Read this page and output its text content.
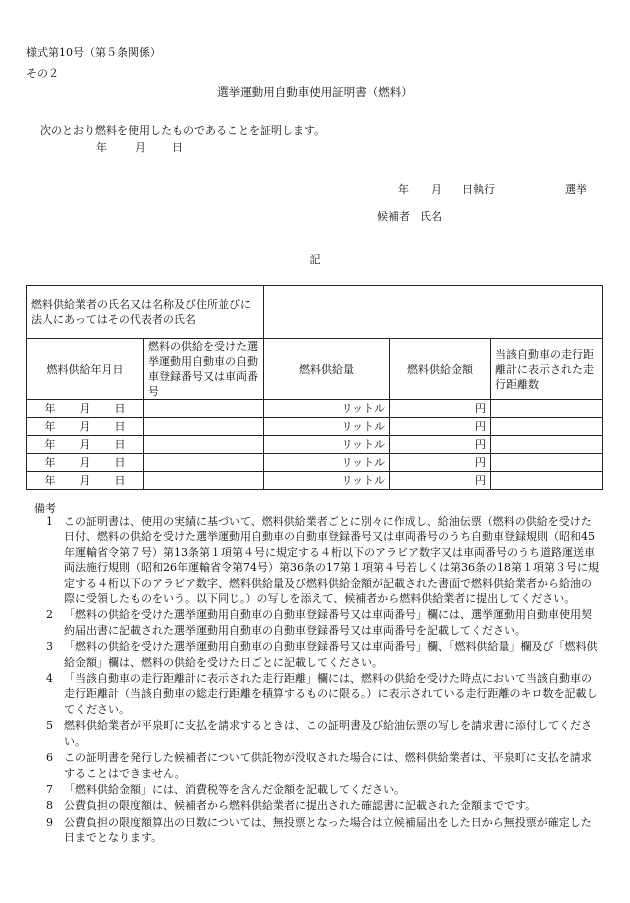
様式第10号（第５条関係）
その２
選挙運動用自動車使用証明書（燃料）
次のとおり燃料を使用したものであることを証明します。
年	月 日
年 月 日執行	選挙
候補者 氏名
記
燃料供給業者の氏名又は名称及び住所並びに法人にあってはその代表者の氏名				
燃料供給年月日	燃料の供給を受けた選挙運動用自動車の自動車登録番号又は車両番号	燃料供給量	燃料供給金額	当該自動車の走行距離計に表示された走行距離数
年 月 日		リットル	円	
年 月 日		リットル	円	
年 月 日		リットル	円	
年 月 日		リットル	円	
年 月 日		リットル	円	
備考
1	この証明書は、使用の実績に基づいて、燃料供給業者ごとに別々に作成し、給油伝票（燃料の供給を受けた日付、燃料の供給を受けた選挙運動用自動車の自動車登録番号又は車両番号のうち自動車登録規則（昭和45年運輸省令第７号）第13条第１項第４号に規定する４桁以下のアラビア数字又は車両番号のうち道路運送車両法施行規則（昭和26年運輸省令第74号）第36条の17第１項第４号若しくは第36条の18第１項第３号に規定する４桁以下のアラビア数字、燃料供給量及び燃料供給金額が記載された書面で燃料供給業者から給油の際に受領したものをいう。以下同じ。）の写しを添えて、候補者から燃料供給業者に提出してください。
2	「燃料の供給を受けた選挙運動用自動車の自動車登録番号又は車両番号」欄には、選挙運動用自動車使用契約届出書に記載された選挙運動用自動車の自動車登録番号又は車両番号を記載してください。
3	「燃料の供給を受けた選挙運動用自動車の自動車登録番号又は車両番号」欄、「燃料供給量」欄及び「燃料供給金額」欄は、燃料の供給を受けた日ごとに記載してください。
4	「当該自動車の走行距離計に表示された走行距離」欄には、燃料の供給を受けた時点において当該自動車の走行距離計（当該自動車の総走行距離を積算するものに限る。）に表示されている走行距離のキロ数を記載してください。
5	燃料供給業者が平泉町に支払を請求するときは、この証明書及び給油伝票の写しを請求書に添付してください。
6	この証明書を発行した候補者について供託物が没収された場合には、燃料供給業者は、平泉町に支払を請求することはできません。
7	「燃料供給金額」には、消費税等を含んだ金額を記載してください。
8	公費負担の限度額は、候補者から燃料供給業者に提出された確認書に記載された金額までです。
9	公費負担の限度額算出の日数については、無投票となった場合は立候補届出をした日から無投票が確定した日までとなります。
